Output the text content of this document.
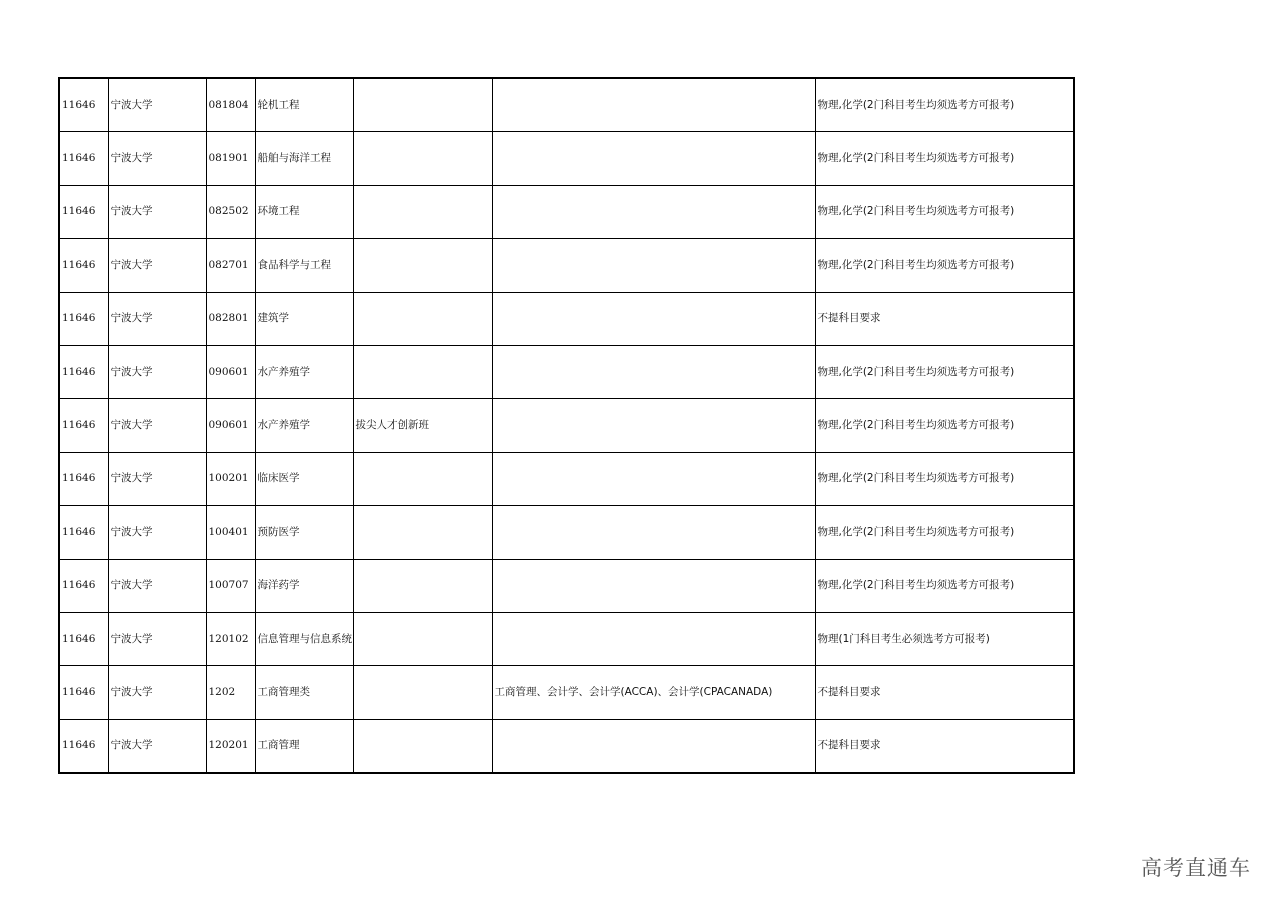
11646	宁波大学	081804	轮机工程			物理,化学(2门科目考生均须选考方可报考)
11646	宁波大学	081901	船舶与海洋工程			物理,化学(2门科目考生均须选考方可报考)
11646	宁波大学	082502	环境工程			物理,化学(2门科目考生均须选考方可报考)
11646	宁波大学	082701	食品科学与工程			物理,化学(2门科目考生均须选考方可报考)
11646	宁波大学	082801	建筑学			不提科目要求
11646	宁波大学	090601	水产养殖学			物理,化学(2门科目考生均须选考方可报考)
11646	宁波大学	090601	水产养殖学	拔尖人才创新班		物理,化学(2门科目考生均须选考方可报考)
11646	宁波大学	100201	临床医学			物理,化学(2门科目考生均须选考方可报考)
11646	宁波大学	100401	预防医学			物理,化学(2门科目考生均须选考方可报考)
11646	宁波大学	100707	海洋药学			物理,化学(2门科目考生均须选考方可报考)
11646	宁波大学	120102	信息管理与信息系统			物理(1门科目考生必须选考方可报考)
11646	宁波大学	1202	工商管理类		工商管理、会计学、会计学(ACCA)、会计学(CPACANADA)	不提科目要求
11646	宁波大学	120201	工商管理			不提科目要求
高考直通车
